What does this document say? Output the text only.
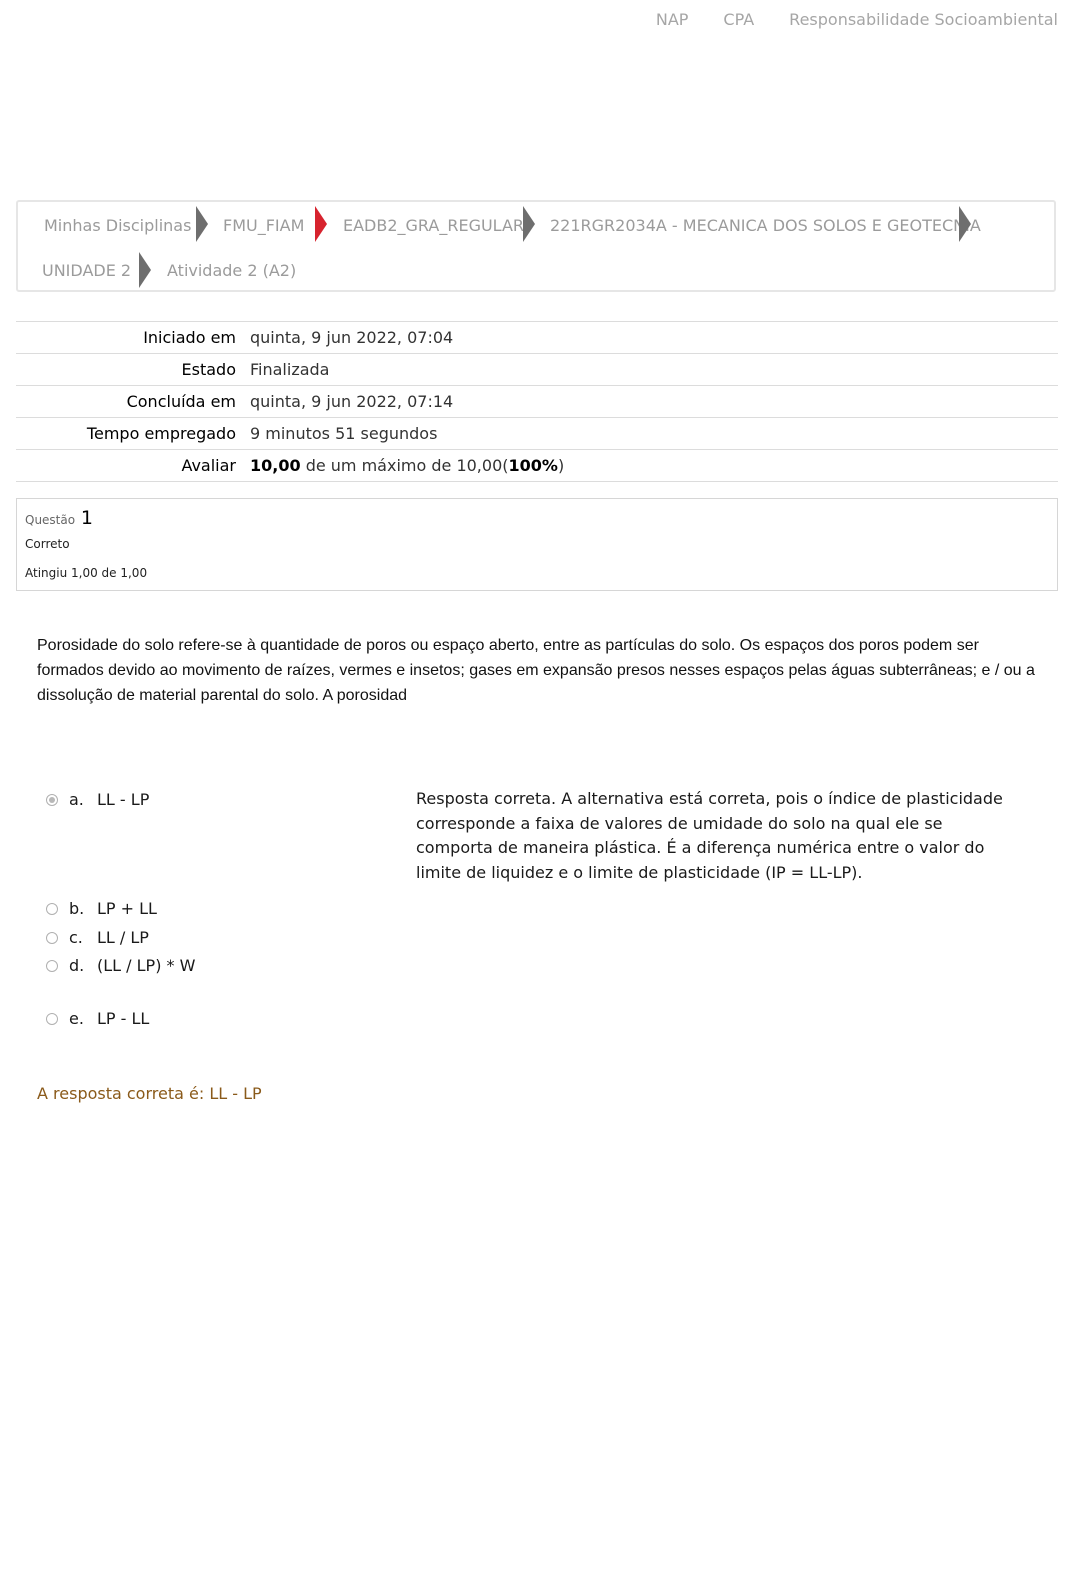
NAP CPA Responsabilidade Socioambiental
Minhas Disciplinas FMU_FIAM EADB2_GRA_REGULAR 221RGR2034A - MECANICA DOS SOLOS E GEOTECNIA
UNIDADE 2 Atividade 2 (A2)
Iniciado em	quinta, 9 jun 2022, 07:04
Estado	Finalizada
Concluída em	quinta, 9 jun 2022, 07:14
Tempo empregado	9 minutos 51 segundos
Avaliar	10,00 de um máximo de 10,00(100%)
Questão 1
Correto
Atingiu 1,00 de 1,00
Porosidade do solo refere-se à quantidade de poros ou espaço aberto, entre as partículas do solo. Os espaços dos poros podem ser formados devido ao movimento de raízes, vermes e insetos; gases em expansão presos nesses espaços pelas águas subterrâneas; e / ou a dissolução de material parental do solo. A porosidad
a. LL - LP
b. LP + LL
c. LL / LP
d. (LL / LP) * W
e. LP - LL
Resposta correta. A alternativa está correta, pois o índice de plasticidade corresponde a faixa de valores de umidade do solo na qual ele se comporta de maneira plástica. É a diferença numérica entre o valor do limite de liquidez e o limite de plasticidade (IP = LL-LP).
A resposta correta é: LL - LP
